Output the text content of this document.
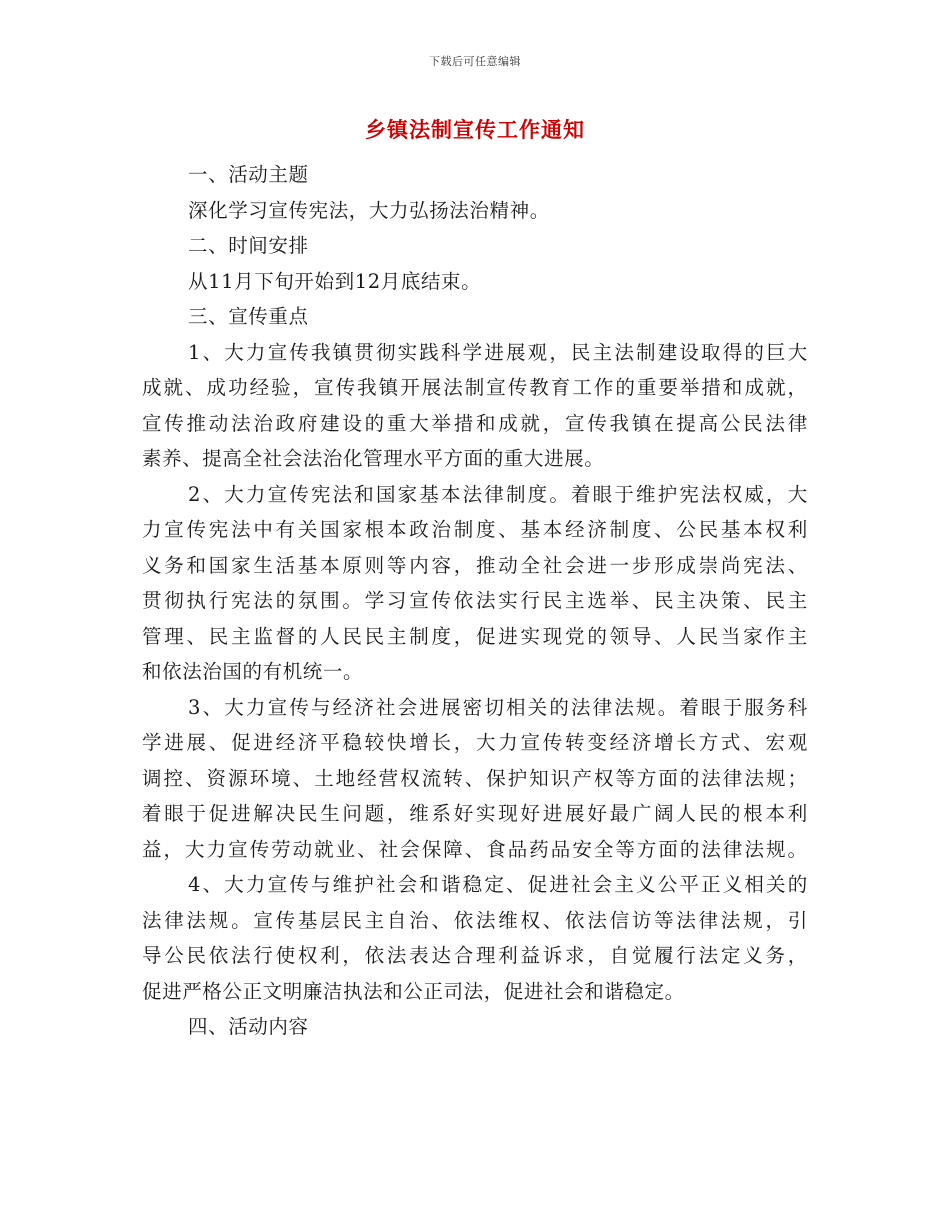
下载后可任意编辑
乡镇法制宣传工作通知
一、活动主题
深化学习宣传宪法，大力弘扬法治精神。
二、时间安排
从11月下旬开始到12月底结束。
三、宣传重点
1 、 大 力 宣 传 我 镇 贯 彻 实 践 科 学 进 展 观 ， 民 主 法 制 建 设 取 得 的 巨 大
成 就 、 成 功 经 验 ， 宣 传 我 镇 开 展 法 制 宣 传 教 育 工 作 的 重 要 举 措 和 成 就 ，
宣 传 推 动 法 治 政 府 建 设 的 重 大 举 措 和 成 就 ， 宣 传 我 镇 在 提 高 公 民 法 律
素养、提高全社会法治化管理水平方面的重大进展。
2 、 大 力 宣 传 宪 法 和 国 家 基 本 法 律 制 度 。 着 眼 于 维 护 宪 法 权 威 ， 大
力 宣 传 宪 法 中 有 关 国 家 根 本 政 治 制 度 、 基 本 经 济 制 度 、 公 民 基 本 权 利
义 务 和 国 家 生 活 基 本 原 则 等 内 容 ， 推 动 全 社 会 进 一 步 形 成 崇 尚 宪 法 、
贯 彻 执 行 宪 法 的 氛 围 。 学 习 宣 传 依 法 实 行 民 主 选 举 、 民 主 决 策 、 民 主
管 理 、 民 主 监 督 的 人 民 民 主 制 度 ， 促 进 实 现 党 的 领 导 、 人 民 当 家 作 主
和依法治国的有机统一。
3 、 大 力 宣 传 与 经 济 社 会 进 展 密 切 相 关 的 法 律 法 规 。 着 眼 于 服 务 科
学 进 展 、 促 进 经 济 平 稳 较 快 增 长 ， 大 力 宣 传 转 变 经 济 增 长 方 式 、 宏 观
调 控 、 资 源 环 境 、 土 地 经 营 权 流 转 、 保 护 知 识 产 权 等 方 面 的 法 律 法 规 ；
着 眼 于 促 进 解 决 民 生 问 题 ， 维 系 好 实 现 好 进 展 好 最 广 阔 人 民 的 根 本 利
益 ， 大 力 宣 传 劳 动 就 业 、 社 会 保 障 、 食 品 药 品 安 全 等 方 面 的 法 律 法 规 。
4 、 大 力 宣 传 与 维 护 社 会 和 谐 稳 定 、 促 进 社 会 主 义 公 平 正 义 相 关 的
法 律 法 规 。 宣 传 基 层 民 主 自 治 、 依 法 维 权 、 依 法 信 访 等 法 律 法 规 ， 引
导 公 民 依 法 行 使 权 利 ， 依 法 表 达 合 理 利 益 诉 求 ， 自 觉 履 行 法 定 义 务 ，
促进严格公正文明廉洁执法和公正司法，促进社会和谐稳定。
四、活动内容
